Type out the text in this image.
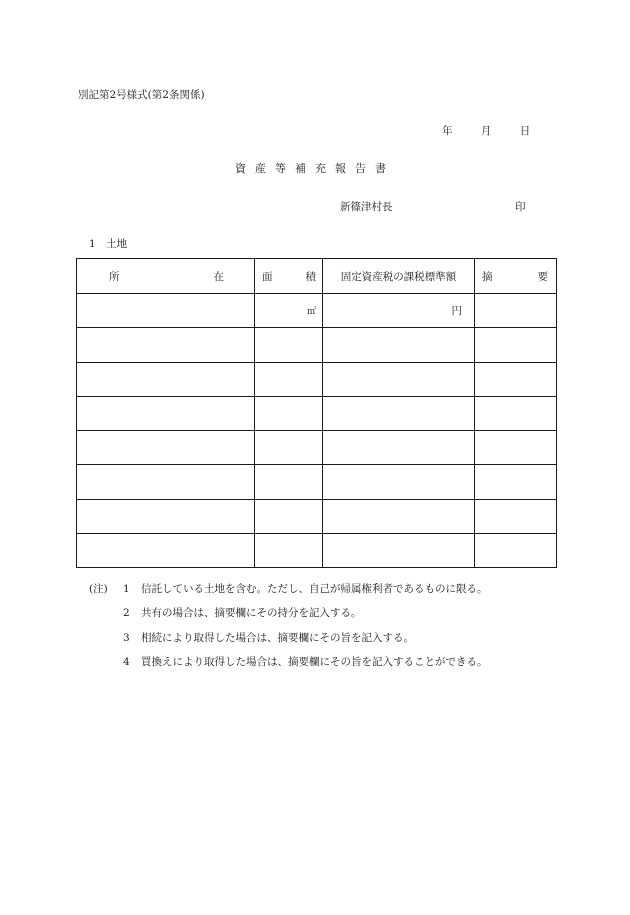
別記第2号様式(第2条関係)
年	月	日
資産等補充報告書
新篠津村長	印
1　土地
所 在	面 積	固定資産税の課税標準額	摘 要

	㎡	円	

(注)	1	信託している土地を含む。ただし、自己が帰属権利者であるものに限る。
2	共有の場合は、摘要欄にその持分を記入する。
3	相続により取得した場合は、摘要欄にその旨を記入する。
4	買換えにより取得した場合は、摘要欄にその旨を記入することができる。
